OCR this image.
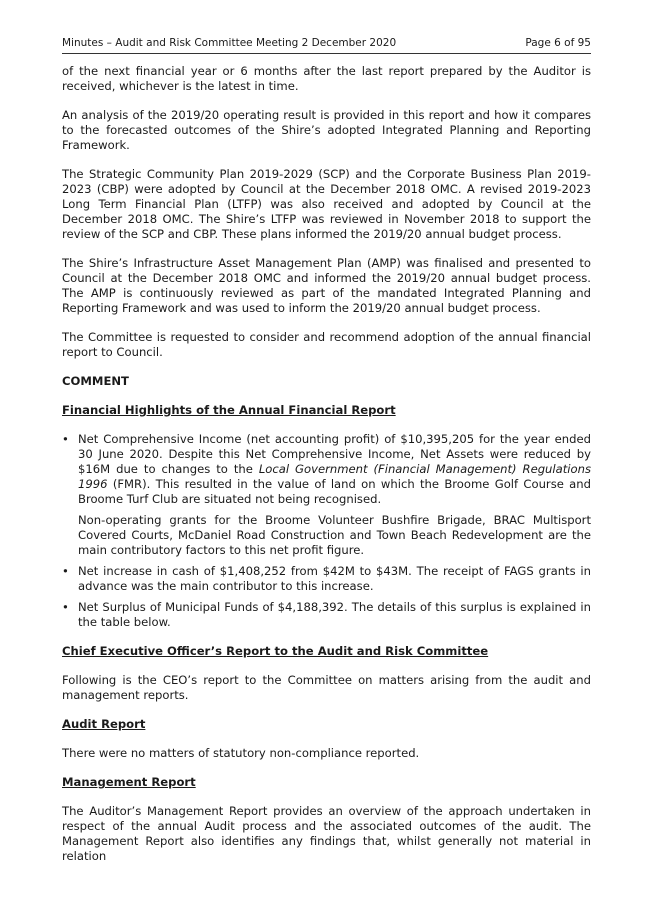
Minutes – Audit and Risk Committee Meeting 2 December 2020	Page 6 of 95

of the next financial year or 6 months after the last report prepared by the Auditor is received, whichever is the latest in time.

An analysis of the 2019/20 operating result is provided in this report and how it compares to the forecasted outcomes of the Shire’s adopted Integrated Planning and Reporting Framework.

The Strategic Community Plan 2019-2029 (SCP) and the Corporate Business Plan 2019-2023 (CBP) were adopted by Council at the December 2018 OMC. A revised 2019-2023 Long Term Financial Plan (LTFP) was also received and adopted by Council at the December 2018 OMC. The Shire’s LTFP was reviewed in November 2018 to support the review of the SCP and CBP. These plans informed the 2019/20 annual budget process.

The Shire’s Infrastructure Asset Management Plan (AMP) was finalised and presented to Council at the December 2018 OMC and informed the 2019/20 annual budget process. The AMP is continuously reviewed as part of the mandated Integrated Planning and Reporting Framework and was used to inform the 2019/20 annual budget process.

The Committee is requested to consider and recommend adoption of the annual financial report to Council.

COMMENT
Financial Highlights of the Annual Financial Report

• Net Comprehensive Income (net accounting profit) of $10,395,205 for the year ended 30 June 2020. Despite this Net Comprehensive Income, Net Assets were reduced by $16M due to changes to the Local Government (Financial Management) Regulations 1996 (FMR). This resulted in the value of land on which the Broome Golf Course and Broome Turf Club are situated not being recognised.

Non-operating grants for the Broome Volunteer Bushfire Brigade, BRAC Multisport Covered Courts, McDaniel Road Construction and Town Beach Redevelopment are the main contributory factors to this net profit figure.

• Net increase in cash of $1,408,252 from $42M to $43M. The receipt of FAGS grants in advance was the main contributor to this increase.

• Net Surplus of Municipal Funds of $4,188,392. The details of this surplus is explained in the table below.

Chief Executive Officer’s Report to the Audit and Risk Committee

Following is the CEO’s report to the Committee on matters arising from the audit and management reports.

Audit Report

There were no matters of statutory non-compliance reported.

Management Report

The Auditor’s Management Report provides an overview of the approach undertaken in respect of the annual Audit process and the associated outcomes of the audit. The Management Report also identifies any findings that, whilst generally not material in relation
